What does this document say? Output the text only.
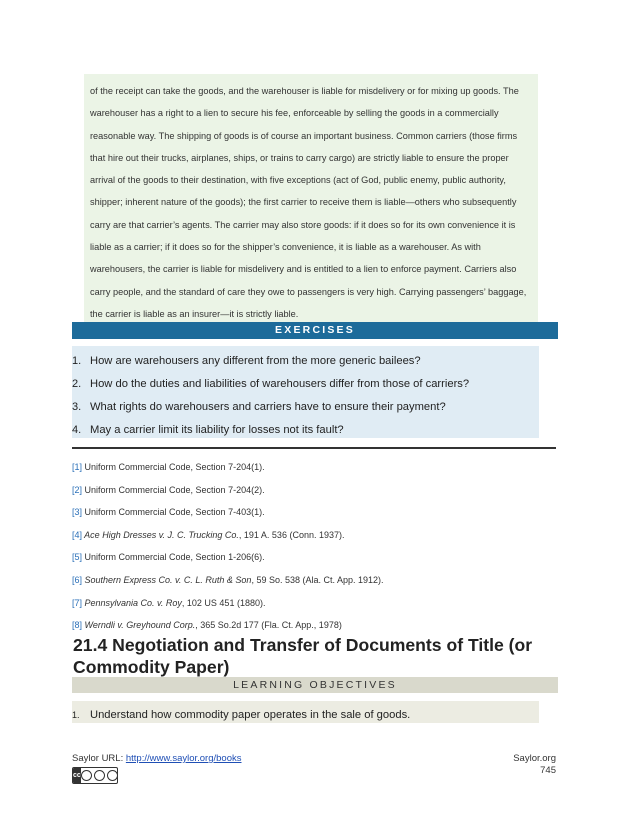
of the receipt can take the goods, and the warehouser is liable for misdelivery or for mixing up goods. The warehouser has a right to a lien to secure his fee, enforceable by selling the goods in a commercially reasonable way. The shipping of goods is of course an important business. Common carriers (those firms that hire out their trucks, airplanes, ships, or trains to carry cargo) are strictly liable to ensure the proper arrival of the goods to their destination, with five exceptions (act of God, public enemy, public authority, shipper; inherent nature of the goods); the first carrier to receive them is liable—others who subsequently carry are that carrier’s agents. The carrier may also store goods: if it does so for its own convenience it is liable as a carrier; if it does so for the shipper’s convenience, it is liable as a warehouser. As with warehousers, the carrier is liable for misdelivery and is entitled to a lien to enforce payment. Carriers also carry people, and the standard of care they owe to passengers is very high. Carrying passengers’ baggage, the carrier is liable as an insurer—it is strictly liable.

EXERCISES
1. How are warehousers any different from the more generic bailees?
2. How do the duties and liabilities of warehousers differ from those of carriers?
3. What rights do warehousers and carriers have to ensure their payment?
4. May a carrier limit its liability for losses not its fault?
[1] Uniform Commercial Code, Section 7-204(1).
[2] Uniform Commercial Code, Section 7-204(2).
[3] Uniform Commercial Code, Section 7-403(1).
[4] Ace High Dresses v. J. C. Trucking Co., 191 A. 536 (Conn. 1937).
[5] Uniform Commercial Code, Section 1-206(6).
[6] Southern Express Co. v. C. L. Ruth & Son, 59 So. 538 (Ala. Ct. App. 1912).
[7] Pennsylvania Co. v. Roy, 102 US 451 (1880).
[8] Werndli v. Greyhound Corp., 365 So.2d 177 (Fla. Ct. App., 1978)
21.4 Negotiation and Transfer of Documents of Title (or Commodity Paper)
LEARNING OBJECTIVES
1. Understand how commodity paper operates in the sale of goods.
Saylor URL: http://www.saylor.org/books
cc
Saylor.org
745
